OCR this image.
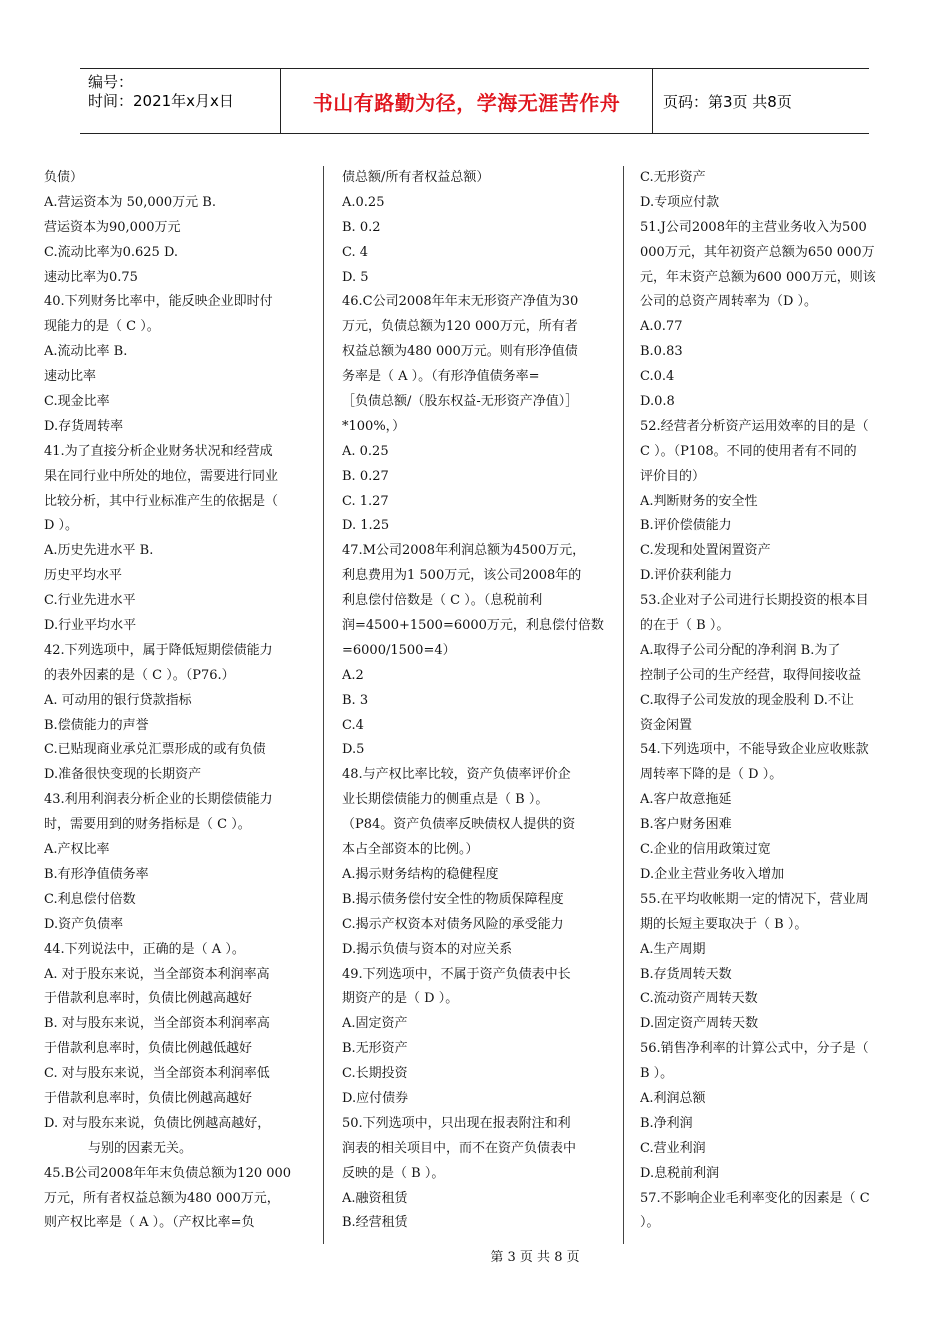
编号：
时间：2021年x月x日	书山有路勤为径，学海无涯苦作舟	页码：第3页 共8页
负债）
A.营运资本为 50,000万元 B.
营运资本为90,000万元
C.流动比率为0.625 D.
速动比率为0.75
40.下列财务比率中，能反映企业即时付
现能力的是（ C ）。
A.流动比率 B.
速动比率
C.现金比率
D.存货周转率
41.为了直接分析企业财务状况和经营成
果在同行业中所处的地位，需要进行同业
比较分析，其中行业标准产生的依据是（
D ）。
A.历史先进水平 B.
历史平均水平
C.行业先进水平
D.行业平均水平
42.下列选项中，属于降低短期偿债能力
的表外因素的是（ C ）。（P76.）
A. 可动用的银行贷款指标
B.偿债能力的声誉
C.已贴现商业承兑汇票形成的或有负债
D.准备很快变现的长期资产
43.利用利润表分析企业的长期偿债能力
时，需要用到的财务指标是（ C ）。
A.产权比率
B.有形净值债务率
C.利息偿付倍数
D.资产负债率
44.下列说法中，正确的是（ A ）。
A. 对于股东来说，当全部资本利润率高
于借款利息率时，负债比例越高越好
B. 对与股东来说，当全部资本利润率高
于借款利息率时，负债比例越低越好
C. 对与股东来说，当全部资本利润率低
于借款利息率时，负债比例越高越好
D. 对与股东来说，负债比例越高越好，
与别的因素无关。
45.B公司2008年年末负债总额为120 000
万元，所有者权益总额为480 000万元，
则产权比率是（ A ）。（产权比率=负
债总额/所有者权益总额）
A.0.25
B. 0.2
C. 4
D. 5
46.C公司2008年年末无形资产净值为30
万元，负债总额为120 000万元，所有者
权益总额为480 000万元。则有形净值债
务率是（ A ）。（有形净值债务率=
［负债总额/（股东权益-无形资产净值）］
*100%，）
A. 0.25
B. 0.27
C. 1.27
D. 1.25
47.M公司2008年利润总额为4500万元，
利息费用为1 500万元，该公司2008年的
利息偿付倍数是（ C ）。（息税前利
润=4500+1500=6000万元，利息偿付倍数
=6000/1500=4）
A.2
B. 3
C.4
D.5
48.与产权比率比较，资产负债率评价企
业长期偿债能力的侧重点是（ B ）。
（P84。资产负债率反映债权人提供的资
本占全部资本的比例。）
A.揭示财务结构的稳健程度
B.揭示债务偿付安全性的物质保障程度
C.揭示产权资本对债务风险的承受能力
D.揭示负债与资本的对应关系
49.下列选项中，不属于资产负债表中长
期资产的是（ D ）。
A.固定资产
B.无形资产
C.长期投资
D.应付债券
50.下列选项中，只出现在报表附注和利
润表的相关项目中，而不在资产负债表中
反映的是（ B ）。
A.融资租赁
B.经营租赁
C.无形资产
D.专项应付款
51.J公司2008年的主营业务收入为500
000万元，其年初资产总额为650 000万
元，年末资产总额为600 000万元，则该
公司的总资产周转率为（D ）。
A.0.77
B.0.83
C.0.4
D.0.8
52.经营者分析资产运用效率的目的是（
C ）。（P108。不同的使用者有不同的
评价目的）
A.判断财务的安全性
B.评价偿债能力
C.发现和处置闲置资产
D.评价获利能力
53.企业对子公司进行长期投资的根本目
的在于（ B ）。
A.取得子公司分配的净利润 B.为了
控制子公司的生产经营，取得间接收益
C.取得子公司发放的现金股利 D.不让
资金闲置
54.下列选项中，不能导致企业应收账款
周转率下降的是（ D ）。
A.客户故意拖延
B.客户财务困难
C.企业的信用政策过宽
D.企业主营业务收入增加
55.在平均收帐期一定的情况下，营业周
期的长短主要取决于（ B ）。
A.生产周期
B.存货周转天数
C.流动资产周转天数
D.固定资产周转天数
56.销售净利率的计算公式中，分子是（
B ）。
A.利润总额
B.净利润
C.营业利润
D.息税前利润
57.不影响企业毛利率变化的因素是（ C
）。
第 3 页 共 8 页
